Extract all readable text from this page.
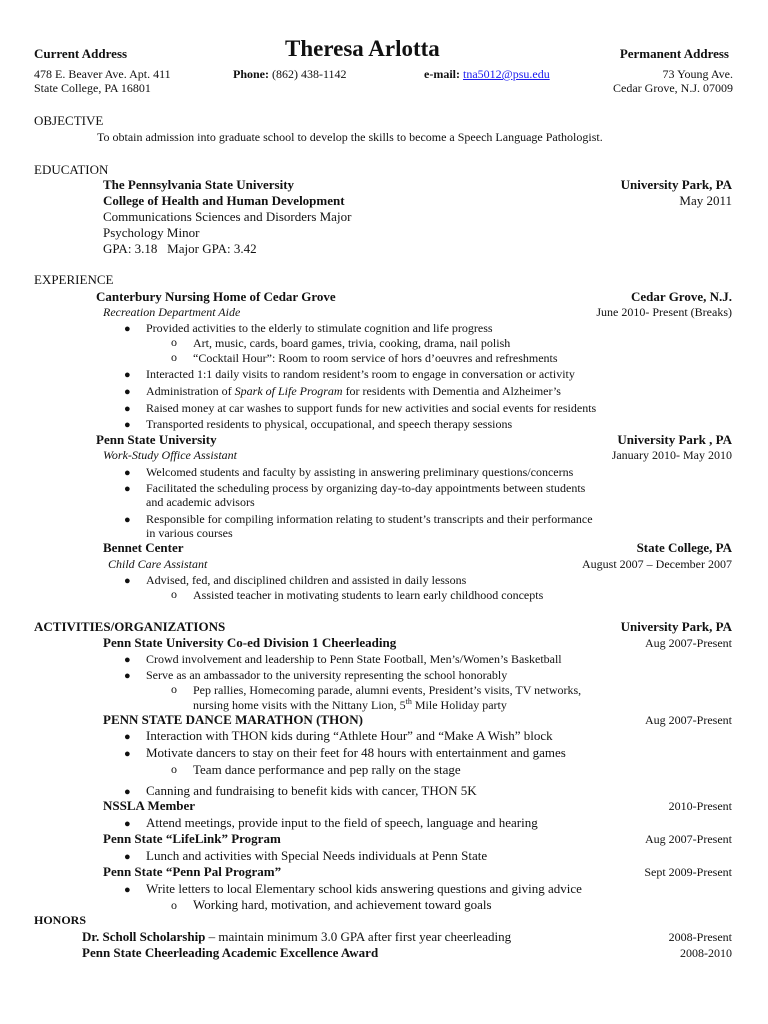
Current Address	Theresa Arlotta	Permanent Address
478 E. Beaver Ave. Apt. 411
State College, PA 16801
Phone: (862) 438-1142	e-mail: tna5012@psu.edu	73 Young Ave.
Cedar Grove, N.J. 07009
OBJECTIVE
To obtain admission into graduate school to develop the skills to become a Speech Language Pathologist.
EDUCATION
The Pennsylvania State University	University Park, PA
College of Health and Human Development	May 2011
Communications Sciences and Disorders Major
Psychology Minor
GPA: 3.18   Major GPA: 3.42
EXPERIENCE
Canterbury Nursing Home of Cedar Grove	Cedar Grove, N.J.
Recreation Department Aide	June 2010- Present (Breaks)
● Provided activities to the elderly to stimulate cognition and life progress
o Art, music, cards, board games, trivia, cooking, drama, nail polish
o “Cocktail Hour”: Room to room service of hors d’oeuvres and refreshments
● Interacted 1:1 daily visits to random resident’s room to engage in conversation or activity
● Administration of Spark of Life Program for residents with Dementia and Alzheimer’s
● Raised money at car washes to support funds for new activities and social events for residents
● Transported residents to physical, occupational, and speech therapy sessions
Penn State University	University Park , PA
Work-Study Office Assistant	January 2010- May 2010
● Welcomed students and faculty by assisting in answering preliminary questions/concerns
● Facilitated the scheduling process by organizing day-to-day appointments between students
and academic advisors
● Responsible for compiling information relating to student’s transcripts and their performance
in various courses
Bennet Center	State College, PA
Child Care Assistant	August 2007 – December 2007
● Advised, fed, and disciplined children and assisted in daily lessons
o Assisted teacher in motivating students to learn early childhood concepts
ACTIVITIES/ORGANIZATIONS	University Park, PA
Penn State University Co-ed Division 1 Cheerleading	Aug 2007-Present
● Crowd involvement and leadership to Penn State Football, Men’s/Women’s Basketball
● Serve as an ambassador to the university representing the school honorably
o Pep rallies, Homecoming parade, alumni events, President’s visits, TV networks,
nursing home visits with the Nittany Lion, 5th Mile Holiday party
PENN STATE DANCE MARATHON (THON)	Aug 2007-Present
● Interaction with THON kids during “Athlete Hour” and “Make A Wish” block
● Motivate dancers to stay on their feet for 48 hours with entertainment and games
o Team dance performance and pep rally on the stage
● Canning and fundraising to benefit kids with cancer, THON 5K
NSSLA Member	2010-Present
● Attend meetings, provide input to the field of speech, language and hearing
Penn State “LifeLink” Program	Aug 2007-Present
● Lunch and activities with Special Needs individuals at Penn State
Penn State “Penn Pal Program”	Sept 2009-Present
● Write letters to local Elementary school kids answering questions and giving advice
o Working hard, motivation, and achievement toward goals
HONORS
Dr. Scholl Scholarship – maintain minimum 3.0 GPA after first year cheerleading	2008-Present
Penn State Cheerleading Academic Excellence Award	2008-2010
